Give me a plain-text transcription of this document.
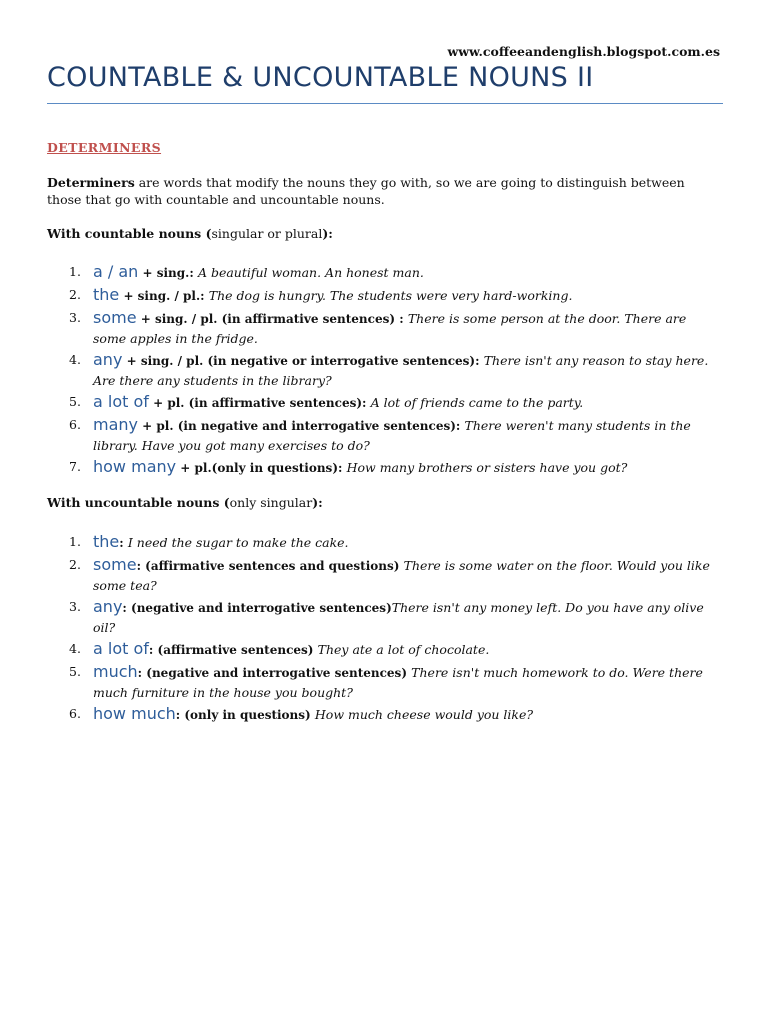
www.coffeeandenglish.blogspot.com.es
COUNTABLE & UNCOUNTABLE NOUNS II
DETERMINERS

Determiners are words that modify the nouns they go with, so we are going to distinguish between those that go with countable and uncountable nouns.

With countable nouns (singular or plural):

1. a / an + sing.: A beautiful woman. An honest man.
2. the + sing. / pl.: The dog is hungry. The students were very hard-working.
3. some + sing. / pl. (in affirmative sentences) : There is some person at the door. There are some apples in the fridge.
4. any + sing. / pl. (in negative or interrogative sentences): There isn't any reason to stay here. Are there any students in the library?
5. a lot of + pl. (in affirmative sentences): A lot of friends came to the party.
6. many + pl. (in negative and interrogative sentences): There weren't many students in the library. Have you got many exercises to do?
7. how many + pl.(only in questions): How many brothers or sisters have you got?

With uncountable nouns (only singular):

1. the: I need the sugar to make the cake.
2. some: (affirmative sentences and questions) There is some water on the floor. Would you like some tea?
3. any: (negative and interrogative sentences)There isn't any money left. Do you have any olive oil?
4. a lot of: (affirmative sentences) They ate a lot of chocolate.
5. much: (negative and interrogative sentences) There isn't much homework to do. Were there much furniture in the house you bought?
6. how much: (only in questions) How much cheese would you like?
